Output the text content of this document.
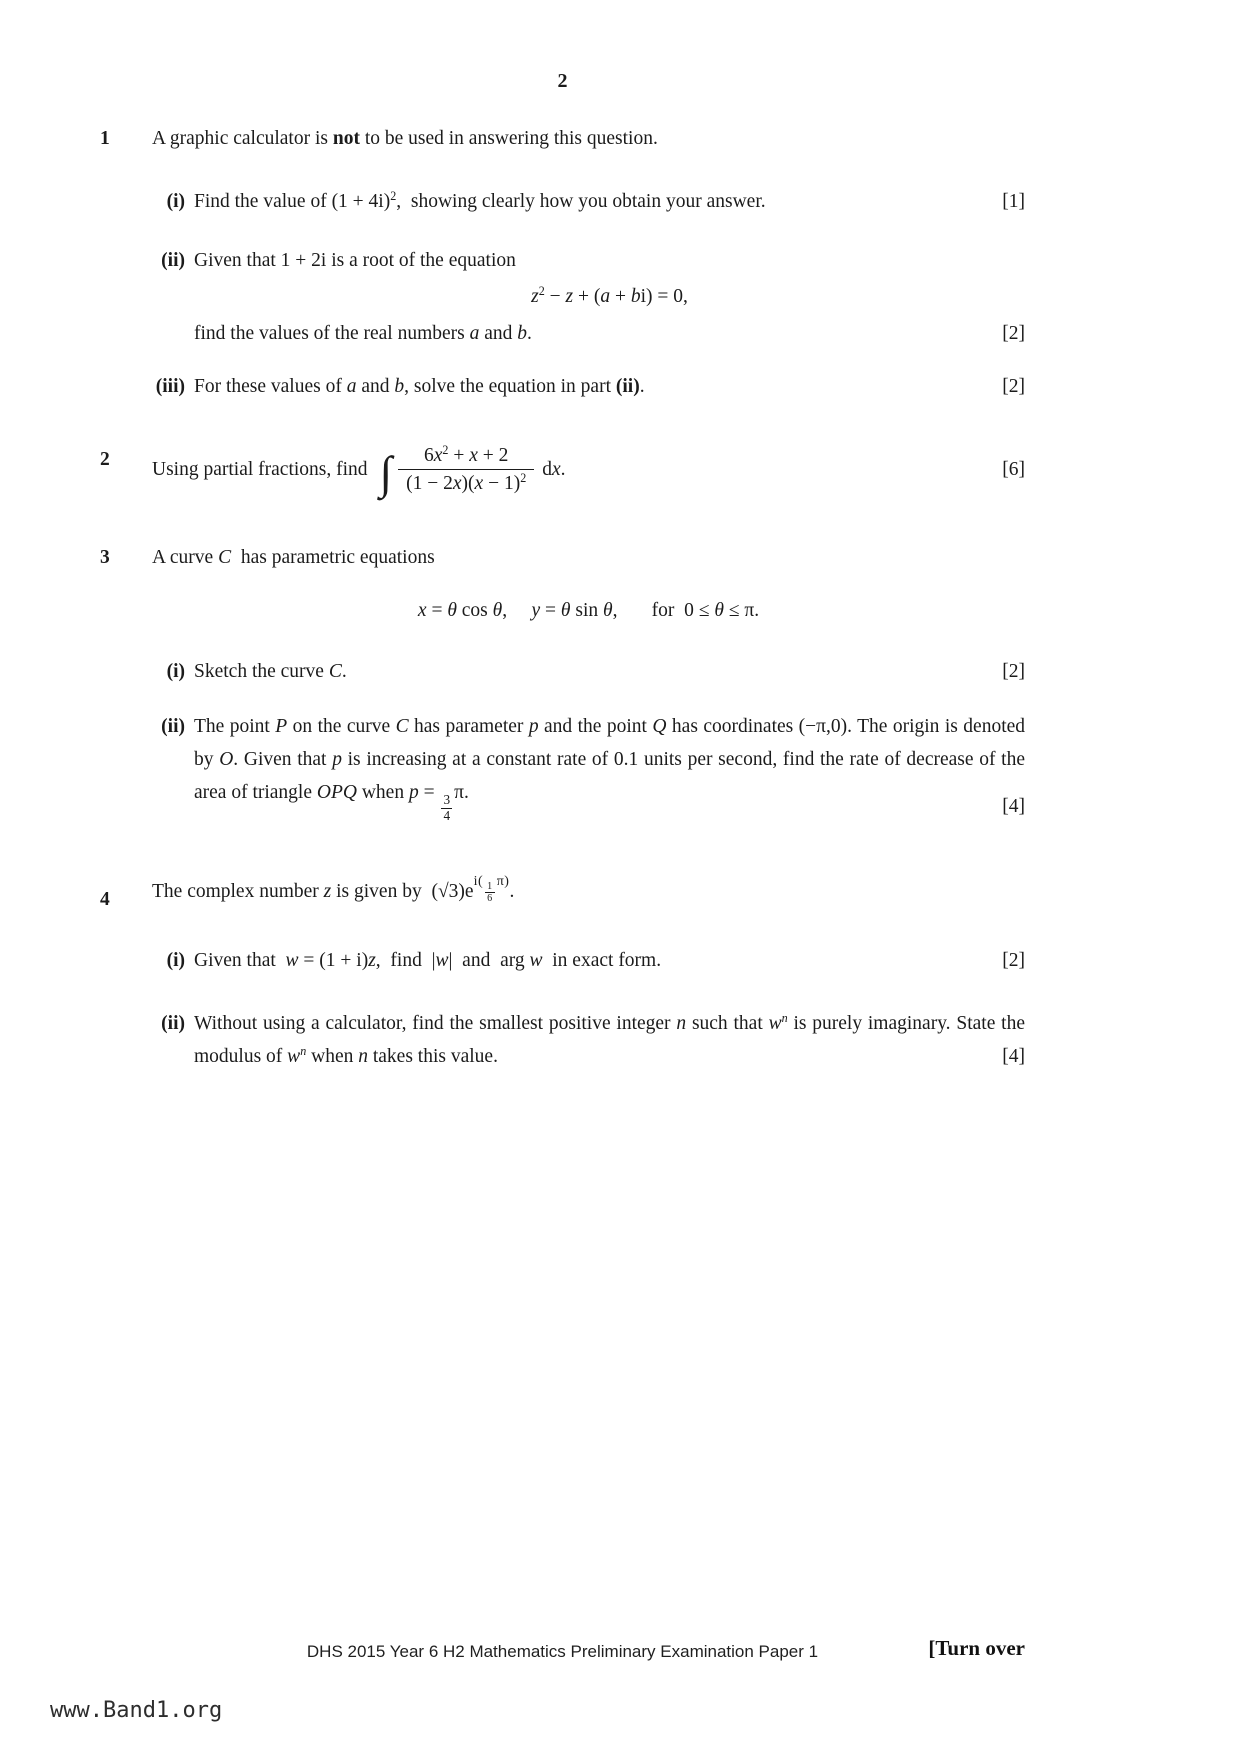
2
1 A graphic calculator is not to be used in answering this question.
(i) Find the value of $(1 + 4i)^2$,  showing clearly how you obtain your answer.	[1]
(ii) Given that 1 + 2i is a root of the equation
$z^2 - z + (a + bi) = 0$,
find the values of the real numbers a and b.	[2]
(iii) For these values of a and b, solve the equation in part (ii).	[2]
2 Using partial fractions, find ∫ $\frac{6x^2 + x + 2}{(1 - 2x)(x - 1)^2}$ dx.	[6]
3 A curve C  has parametric equations
x = θ cos θ,     y = θ sin θ,       for  0 ≤ θ ≤ π.
(i) Sketch the curve C.	[2]
(ii) The point P on the curve C has parameter p and the point Q has coordinates (−π,0). The origin is denoted by O. Given that p is increasing at a constant rate of 0.1 units per second, find the rate of decrease of the area of triangle OPQ when p =
$\frac{3}{4}$
π.
[4]
4 The complex number z is given by  $(√3)e^{i( \frac{1}{6} \pi)}$.
(i) Given that  w = (1 + i)z,  find  |w|  and  arg w  in exact form.	[2]
(ii) Without using a calculator, find the smallest positive integer n such that $w^n$ is purely imaginary. State the modulus of $w^n$ when n takes this value.	[4]
DHS 2015 Year 6 H2 Mathematics Preliminary Examination Paper 1	[Turn over
www.Band1.org
